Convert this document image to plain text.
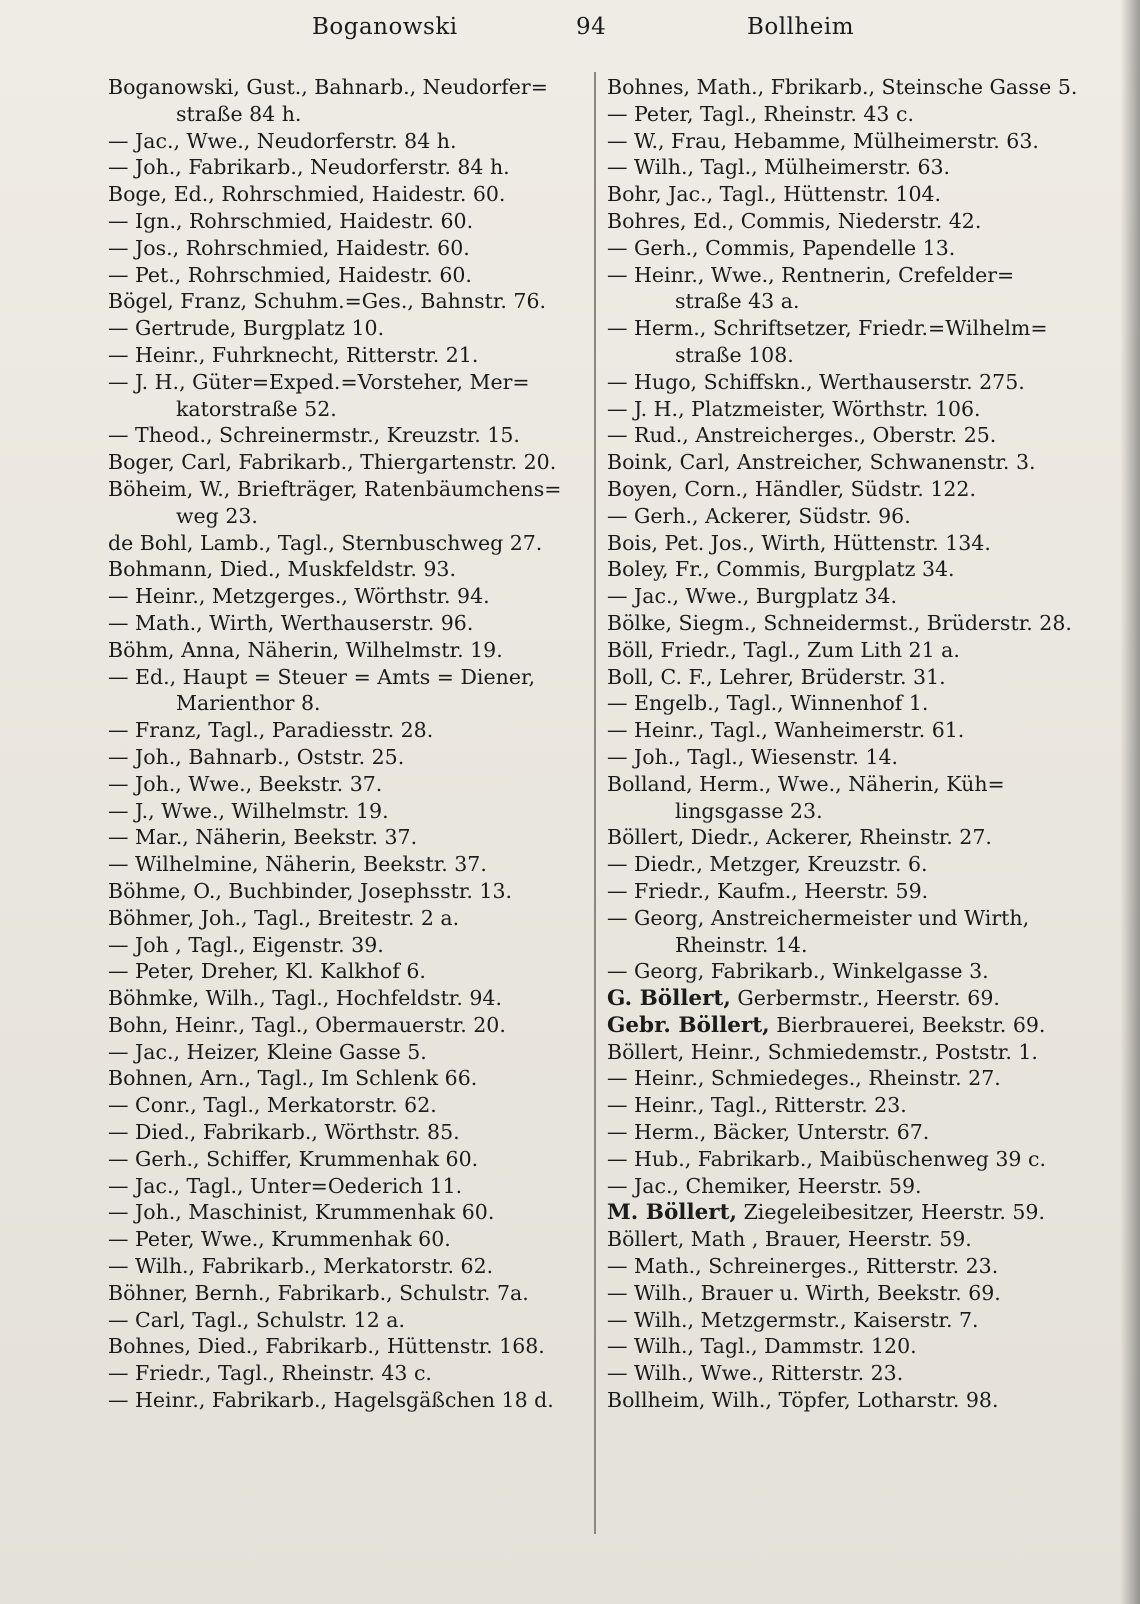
Boganowski	94	Bollheim
Boganowski, Gust., Bahnarb., Neudorfer=
straße 84 h.
— Jac., Wwe., Neudorferstr. 84 h.
— Joh., Fabrikarb., Neudorferstr. 84 h.
Boge, Ed., Rohrschmied, Haidestr. 60.
— Ign., Rohrschmied, Haidestr. 60.
— Jos., Rohrschmied, Haidestr. 60.
— Pet., Rohrschmied, Haidestr. 60.
Bögel, Franz, Schuhm.=Ges., Bahnstr. 76.
— Gertrude, Burgplatz 10.
— Heinr., Fuhrknecht, Ritterstr. 21.
— J. H., Güter=Exped.=Vorsteher, Mer=
katorstraße 52.
— Theod., Schreinermstr., Kreuzstr. 15.
Boger, Carl, Fabrikarb., Thiergartenstr. 20.
Böheim, W., Briefträger, Ratenbäumchens=
weg 23.
de Bohl, Lamb., Tagl., Sternbuschweg 27.
Bohmann, Died., Muskfeldstr. 93.
— Heinr., Metzgerges., Wörthstr. 94.
— Math., Wirth, Werthauserstr. 96.
Böhm, Anna, Näherin, Wilhelmstr. 19.
— Ed., Haupt = Steuer = Amts = Diener,
Marienthor 8.
— Franz, Tagl., Paradiesstr. 28.
— Joh., Bahnarb., Oststr. 25.
— Joh., Wwe., Beekstr. 37.
— J., Wwe., Wilhelmstr. 19.
— Mar., Näherin, Beekstr. 37.
— Wilhelmine, Näherin, Beekstr. 37.
Böhme, O., Buchbinder, Josephsstr. 13.
Böhmer, Joh., Tagl., Breitestr. 2 a.
— Joh , Tagl., Eigenstr. 39.
— Peter, Dreher, Kl. Kalkhof 6.
Böhmke, Wilh., Tagl., Hochfeldstr. 94.
Bohn, Heinr., Tagl., Obermauerstr. 20.
— Jac., Heizer, Kleine Gasse 5.
Bohnen, Arn., Tagl., Im Schlenk 66.
— Conr., Tagl., Merkatorstr. 62.
— Died., Fabrikarb., Wörthstr. 85.
— Gerh., Schiffer, Krummenhak 60.
— Jac., Tagl., Unter=Oederich 11.
— Joh., Maschinist, Krummenhak 60.
— Peter, Wwe., Krummenhak 60.
— Wilh., Fabrikarb., Merkatorstr. 62.
Böhner, Bernh., Fabrikarb., Schulstr. 7a.
— Carl, Tagl., Schulstr. 12 a.
Bohnes, Died., Fabrikarb., Hüttenstr. 168.
— Friedr., Tagl., Rheinstr. 43 c.
— Heinr., Fabrikarb., Hagelsgäßchen 18 d.
Bohnes, Math., Fbrikarb., Steinsche Gasse 5.
— Peter, Tagl., Rheinstr. 43 c.
— W., Frau, Hebamme, Mülheimerstr. 63.
— Wilh., Tagl., Mülheimerstr. 63.
Bohr, Jac., Tagl., Hüttenstr. 104.
Bohres, Ed., Commis, Niederstr. 42.
— Gerh., Commis, Papendelle 13.
— Heinr., Wwe., Rentnerin, Crefelder=
straße 43 a.
— Herm., Schriftsetzer, Friedr.=Wilhelm=
straße 108.
— Hugo, Schiffskn., Werthauserstr. 275.
— J. H., Platzmeister, Wörthstr. 106.
— Rud., Anstreicherges., Oberstr. 25.
Boink, Carl, Anstreicher, Schwanenstr. 3.
Boyen, Corn., Händler, Südstr. 122.
— Gerh., Ackerer, Südstr. 96.
Bois, Pet. Jos., Wirth, Hüttenstr. 134.
Boley, Fr., Commis, Burgplatz 34.
— Jac., Wwe., Burgplatz 34.
Bölke, Siegm., Schneidermst., Brüderstr. 28.
Böll, Friedr., Tagl., Zum Lith 21 a.
Boll, C. F., Lehrer, Brüderstr. 31.
— Engelb., Tagl., Winnenhof 1.
— Heinr., Tagl., Wanheimerstr. 61.
— Joh., Tagl., Wiesenstr. 14.
Bolland, Herm., Wwe., Näherin, Küh=
lingsgasse 23.
Böllert, Diedr., Ackerer, Rheinstr. 27.
— Diedr., Metzger, Kreuzstr. 6.
— Friedr., Kaufm., Heerstr. 59.
— Georg, Anstreichermeister und Wirth,
Rheinstr. 14.
— Georg, Fabrikarb., Winkelgasse 3.
G. Böllert, Gerbermstr., Heerstr. 69.
Gebr. Böllert, Bierbrauerei, Beekstr. 69.
Böllert, Heinr., Schmiedemstr., Poststr. 1.
— Heinr., Schmiedeges., Rheinstr. 27.
— Heinr., Tagl., Ritterstr. 23.
— Herm., Bäcker, Unterstr. 67.
— Hub., Fabrikarb., Maibüschenweg 39 c.
— Jac., Chemiker, Heerstr. 59.
M. Böllert, Ziegeleibesitzer, Heerstr. 59.
Böllert, Math , Brauer, Heerstr. 59.
— Math., Schreinerges., Ritterstr. 23.
— Wilh., Brauer u. Wirth, Beekstr. 69.
— Wilh., Metzgermstr., Kaiserstr. 7.
— Wilh., Tagl., Dammstr. 120.
— Wilh., Wwe., Ritterstr. 23.
Bollheim, Wilh., Töpfer, Lotharstr. 98.
